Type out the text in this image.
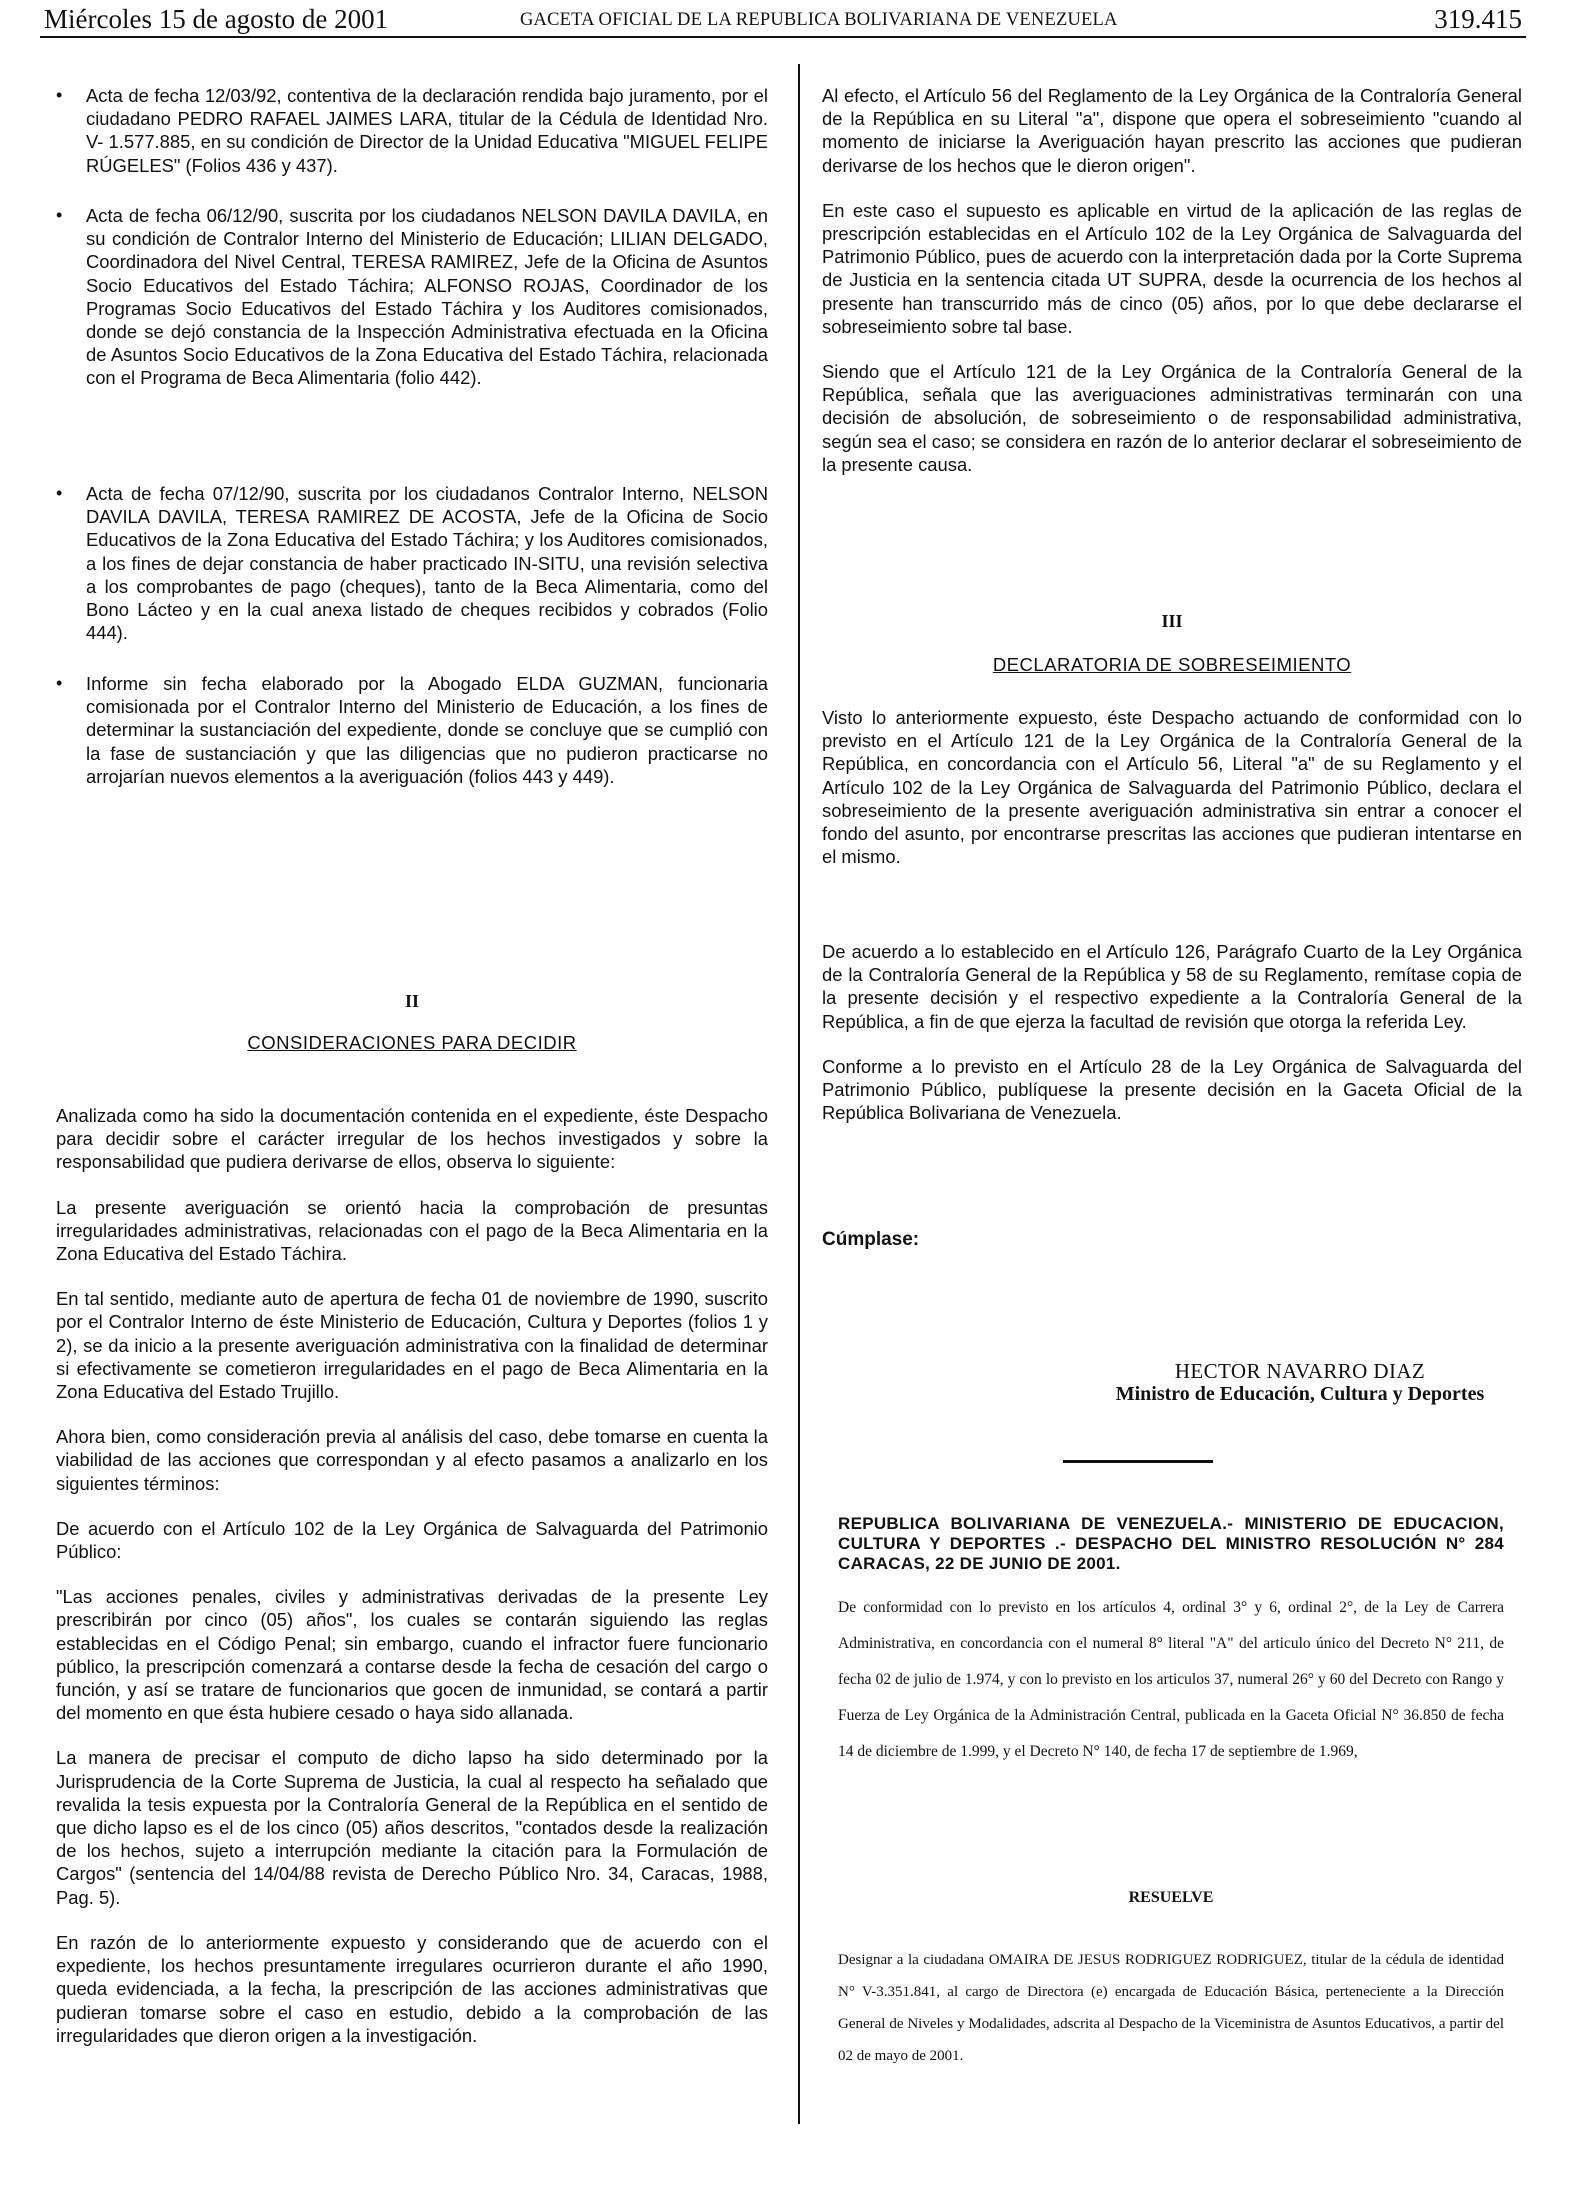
Miércoles 15 de agosto de 2001	GACETA OFICIAL DE LA REPUBLICA BOLIVARIANA DE VENEZUELA	319.415
• Acta de fecha 12/03/92, contentiva de la declaración rendida bajo juramento, por el ciudadano PEDRO RAFAEL JAIMES LARA, titular de la Cédula de Identidad Nro. V- 1.577.885, en su condición de Director de la Unidad Educativa "MIGUEL FELIPE RÚGELES" (Folios 436 y 437).

• Acta de fecha 06/12/90, suscrita por los ciudadanos NELSON DAVILA DAVILA, en su condición de Contralor Interno del Ministerio de Educación; LILIAN DELGADO, Coordinadora del Nivel Central, TERESA RAMIREZ, Jefe de la Oficina de Asuntos Socio Educativos del Estado Táchira; ALFONSO ROJAS, Coordinador de los Programas Socio Educativos del Estado Táchira y los Auditores comisionados, donde se dejó constancia de la Inspección Administrativa efectuada en la Oficina de Asuntos Socio Educativos de la Zona Educativa del Estado Táchira, relacionada con el Programa de Beca Alimentaria (folio 442).

• Acta de fecha 07/12/90, suscrita por los ciudadanos Contralor Interno, NELSON DAVILA DAVILA, TERESA RAMIREZ DE ACOSTA, Jefe de la Oficina de Socio Educativos de la Zona Educativa del Estado Táchira; y los Auditores comisionados, a los fines de dejar constancia de haber practicado IN-SITU, una revisión selectiva a los comprobantes de pago (cheques), tanto de la Beca Alimentaria, como del Bono Lácteo y en la cual anexa listado de cheques recibidos y cobrados (Folio 444).

• Informe sin fecha elaborado por la Abogado ELDA GUZMAN, funcionaria comisionada por el Contralor Interno del Ministerio de Educación, a los fines de determinar la sustanciación del expediente, donde se concluye que se cumplió con la fase de sustanciación y que las diligencias que no pudieron practicarse no arrojarían nuevos elementos a la averiguación (folios 443 y 449).

II
CONSIDERACIONES PARA DECIDIR

Analizada como ha sido la documentación contenida en el expediente, éste Despacho para decidir sobre el carácter irregular de los hechos investigados y sobre la responsabilidad que pudiera derivarse de ellos, observa lo siguiente:

La presente averiguación se orientó hacia la comprobación de presuntas irregularidades administrativas, relacionadas con el pago de la Beca Alimentaria en la Zona Educativa del Estado Táchira.

En tal sentido, mediante auto de apertura de fecha 01 de noviembre de 1990, suscrito por el Contralor Interno de éste Ministerio de Educación, Cultura y Deportes (folios 1 y 2), se da inicio a la presente averiguación administrativa con la finalidad de determinar si efectivamente se cometieron irregularidades en el pago de Beca Alimentaria en la Zona Educativa del Estado Trujillo.

Ahora bien, como consideración previa al análisis del caso, debe tomarse en cuenta la viabilidad de las acciones que correspondan y al efecto pasamos a analizarlo en los siguientes términos:

De acuerdo con el Artículo 102 de la Ley Orgánica de Salvaguarda del Patrimonio Público:

"Las acciones penales, civiles y administrativas derivadas de la presente Ley prescribirán por cinco (05) años", los cuales se contarán siguiendo las reglas establecidas en el Código Penal; sin embargo, cuando el infractor fuere funcionario público, la prescripción comenzará a contarse desde la fecha de cesación del cargo o función, y así se tratare de funcionarios que gocen de inmunidad, se contará a partir del momento en que ésta hubiere cesado o haya sido allanada.

La manera de precisar el computo de dicho lapso ha sido determinado por la Jurisprudencia de la Corte Suprema de Justicia, la cual al respecto ha señalado que revalida la tesis expuesta por la Contraloría General de la República en el sentido de que dicho lapso es el de los cinco (05) años descritos, "contados desde la realización de los hechos, sujeto a interrupción mediante la citación para la Formulación de Cargos" (sentencia del 14/04/88 revista de Derecho Público Nro. 34, Caracas, 1988, Pag. 5).

En razón de lo anteriormente expuesto y considerando que de acuerdo con el expediente, los hechos presuntamente irregulares ocurrieron durante el año 1990, queda evidenciada, a la fecha, la prescripción de las acciones administrativas que pudieran tomarse sobre el caso en estudio, debido a la comprobación de las irregularidades que dieron origen a la investigación.

Al efecto, el Artículo 56 del Reglamento de la Ley Orgánica de la Contraloría General de la República en su Literal "a", dispone que opera el sobreseimiento "cuando al momento de iniciarse la Averiguación hayan prescrito las acciones que pudieran derivarse de los hechos que le dieron origen".

En este caso el supuesto es aplicable en virtud de la aplicación de las reglas de prescripción establecidas en el Artículo 102 de la Ley Orgánica de Salvaguarda del Patrimonio Público, pues de acuerdo con la interpretación dada por la Corte Suprema de Justicia en la sentencia citada UT SUPRA, desde la ocurrencia de los hechos al presente han transcurrido más de cinco (05) años, por lo que debe declararse el sobreseimiento sobre tal base.

Siendo que el Artículo 121 de la Ley Orgánica de la Contraloría General de la República, señala que las averiguaciones administrativas terminarán con una decisión de absolución, de sobreseimiento o de responsabilidad administrativa, según sea el caso; se considera en razón de lo anterior declarar el sobreseimiento de la presente causa.

III
DECLARATORIA DE SOBRESEIMIENTO

Visto lo anteriormente expuesto, éste Despacho actuando de conformidad con lo previsto en el Artículo 121 de la Ley Orgánica de la Contraloría General de la República, en concordancia con el Artículo 56, Literal "a" de su Reglamento y el Artículo 102 de la Ley Orgánica de Salvaguarda del Patrimonio Público, declara el sobreseimiento de la presente averiguación administrativa sin entrar a conocer el fondo del asunto, por encontrarse prescritas las acciones que pudieran intentarse en el mismo.

De acuerdo a lo establecido en el Artículo 126, Parágrafo Cuarto de la Ley Orgánica de la Contraloría General de la República y 58 de su Reglamento, remítase copia de la presente decisión y el respectivo expediente a la Contraloría General de la República, a fin de que ejerza la facultad de revisión que otorga la referida Ley.

Conforme a lo previsto en el Artículo 28 de la Ley Orgánica de Salvaguarda del Patrimonio Público, publíquese la presente decisión en la Gaceta Oficial de la República Bolivariana de Venezuela.

Cúmplase:
HECTOR NAVARRO DIAZ
Ministro de Educación, Cultura y Deportes
REPUBLICA BOLIVARIANA DE VENEZUELA.- MINISTERIO DE EDUCACION, CULTURA Y DEPORTES .- DESPACHO DEL MINISTRO RESOLUCIÓN N° 284 CARACAS, 22 DE JUNIO DE 2001.

De conformidad con lo previsto en los artículos 4, ordinal 3° y 6, ordinal 2°, de la Ley de Carrera Administrativa, en concordancia con el numeral 8° literal "A" del articulo único del Decreto N° 211, de fecha 02 de julio de 1.974, y con lo previsto en los articulos 37, numeral 26° y 60 del Decreto con Rango y Fuerza de Ley Orgánica de la Administración Central, publicada en la Gaceta Oficial N° 36.850 de fecha 14 de diciembre de 1.999, y el Decreto N° 140, de fecha 17 de septiembre de 1.969,

RESUELVE

Designar a la ciudadana OMAIRA DE JESUS RODRIGUEZ RODRIGUEZ, titular de la cédula de identidad N° V-3.351.841, al cargo de Directora (e) encargada de Educación Básica, perteneciente a la Dirección General de Niveles y Modalidades, adscrita al Despacho de la Viceministra de Asuntos Educativos, a partir del 02 de mayo de 2001.
